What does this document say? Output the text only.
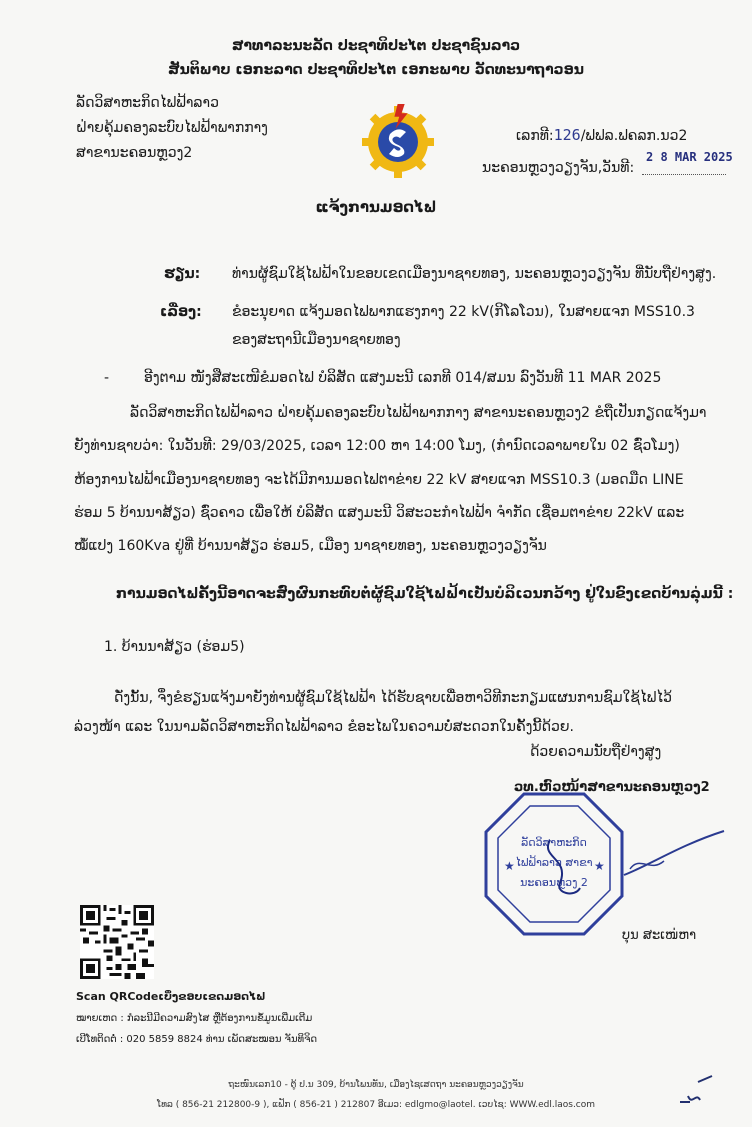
ສາທາລະນະລັດ ປະຊາທິປະໄຕ ປະຊາຊົນລາວ
ສັນຕິພາບ ເອກະລາດ ປະຊາທິປະໄຕ ເອກະພາບ ວັດທະນາຖາວອນ
ລັດວິສາຫະກິດໄຟຟ້າລາວ
ຝ່າຍຄຸ້ມຄອງລະບົບໄຟຟ້າພາກກາງ
ສາຂານະຄອນຫຼວງ2
ເລກທີ:126/ຟຟລ.ຟຄລກ.ນວ2
ນະຄອນຫຼວງວຽງຈັນ,ວັນທີ:
2 8 MAR 2025
ແຈ້ງການມອດໄຟ
ຮຽນ: ທ່ານຜູ້ຊົມໃຊ້ໄຟຟ້າໃນຂອບເຂດເມືອງນາຊາຍທອງ, ນະຄອນຫຼວງວຽງຈັນ ທີ່ນັບຖືຢ່າງສູງ.
ເລື່ອງ: ຂໍອະນຸຍາດ ແຈ້ງມອດໄຟພາກແຮງກາງ 22 kV(ກິໂລໂວນ), ໃນສາຍແຈກ MSS10.3
ຂອງສະຖານີເມືອງນາຊາຍທອງ
- ອີງຕາມ ໜັງສືສະເໜີຂໍມອດໄຟ ບໍລິສັດ ແສງມະນີ ເລກທີ 014/ສມນ ລົງວັນທີ 11 MAR 2025
ລັດວິສາຫະກິດໄຟຟ້າລາວ ຝ່າຍຄຸ້ມຄອງລະບົບໄຟຟ້າພາກກາງ ສາຂານະຄອນຫຼວງ2 ຂໍຖືເປັນກຽດແຈ້ງມາ
ຍັງທ່ານຊາບວ່າ: ໃນວັນທີ: 29/03/2025, ເວລາ 12:00 ຫາ 14:00 ໂມງ, (ກຳນົດເວລາພາຍໃນ 02 ຊົ່ວໂມງ)
ຫ້ອງການໄຟຟ້າເມືອງນາຊາຍທອງ ຈະໄດ້ມີການມອດໄຟຕາຂ່າຍ 22 kV ສາຍແຈກ MSS10.3 (ມອດມືດ LINE
ຮ່ອມ 5 ບ້ານນາສ້ຽວ) ຊົ່ວຄາວ ເພື່ອໃຫ້ ບໍລິສັດ ແສງມະນີ ວິສະວະກຳໄຟຟ້າ ຈຳກັດ ເຊື່ອມຕາຂ່າຍ 22kV ແລະ
ໝໍ້ແປງ 160Kva ຢູ່ທີ່ ບ້ານນາສ້ຽວ ຮ່ອມ5, ເມືອງ ນາຊາຍທອງ, ນະຄອນຫຼວງວຽງຈັນ
ການມອດໄຟຄັ້ງນີ້ອາດຈະສົ່ງຜົນກະທົບຕໍ່ຜູ້ຊົມໃຊ້ໄຟຟ້າເປັນບໍລິເວນກວ້າງ ຢູ່ໃນຂົງເຂດບ້ານລຸ່ມນີ້ :
1. ບ້ານນາສ້ຽວ (ຮ່ອມ5)
ດັ່ງນັ້ນ, ຈຶ່ງຂໍຮຽນແຈ້ງມາຍັງທ່ານຜູ້ຊົມໃຊ້ໄຟຟ້າ ໄດ້ຮັບຊາບເພື່ອຫາວິທີກະກຽມແຜນການຊົມໃຊ້ໄຟໄວ້
ລ່ວງໜ້າ ແລະ ໃນນາມລັດວິສາຫະກິດໄຟຟ້າລາວ ຂໍອະໄພໃນຄວາມບໍ່ສະດວກໃນຄັ້ງນີ້ດ້ວຍ.
ດ້ວຍຄວາມນັບຖືຢ່າງສູງ
ວທ.ຫົວໜ້າສາຂານະຄອນຫຼວງ2
★	★
ລັດວິສາຫະກິດ
ໄຟຟ້າລາວ ສາຂາ
ນະຄອນຫຼວງ 2
ບຸນ ສະເໜ່ຫາ
Scan QRCodeເບິ່ງຂອບເຂດມອດໄຟ
ໝາຍເຫດ : ກໍລະນີມີຄວາມສົງໄສ ຫຼືຕ້ອງການຂໍ້ມູນເພີ່ມເຕີມ
ເບີໂທຕິດຕໍ່ : 020 5859 8824 ທ່ານ ເພັດສະໝອນ ຈັນທິຈິດ
ຖະໜົນເລກ10 - ຕູ້ ປ.ນ 309, ບ້ານໂພນທັນ, ເມືອງໄຊເສດຖາ ນະຄອນຫຼວງວຽງຈັນ
ໂທລ ( 856-21 212800-9 ), ແຟັກ ( 856-21 ) 212807 ອີເມວ: edlgmo@laotel. ເວບໄຊ: WWW.edl.laos.com
